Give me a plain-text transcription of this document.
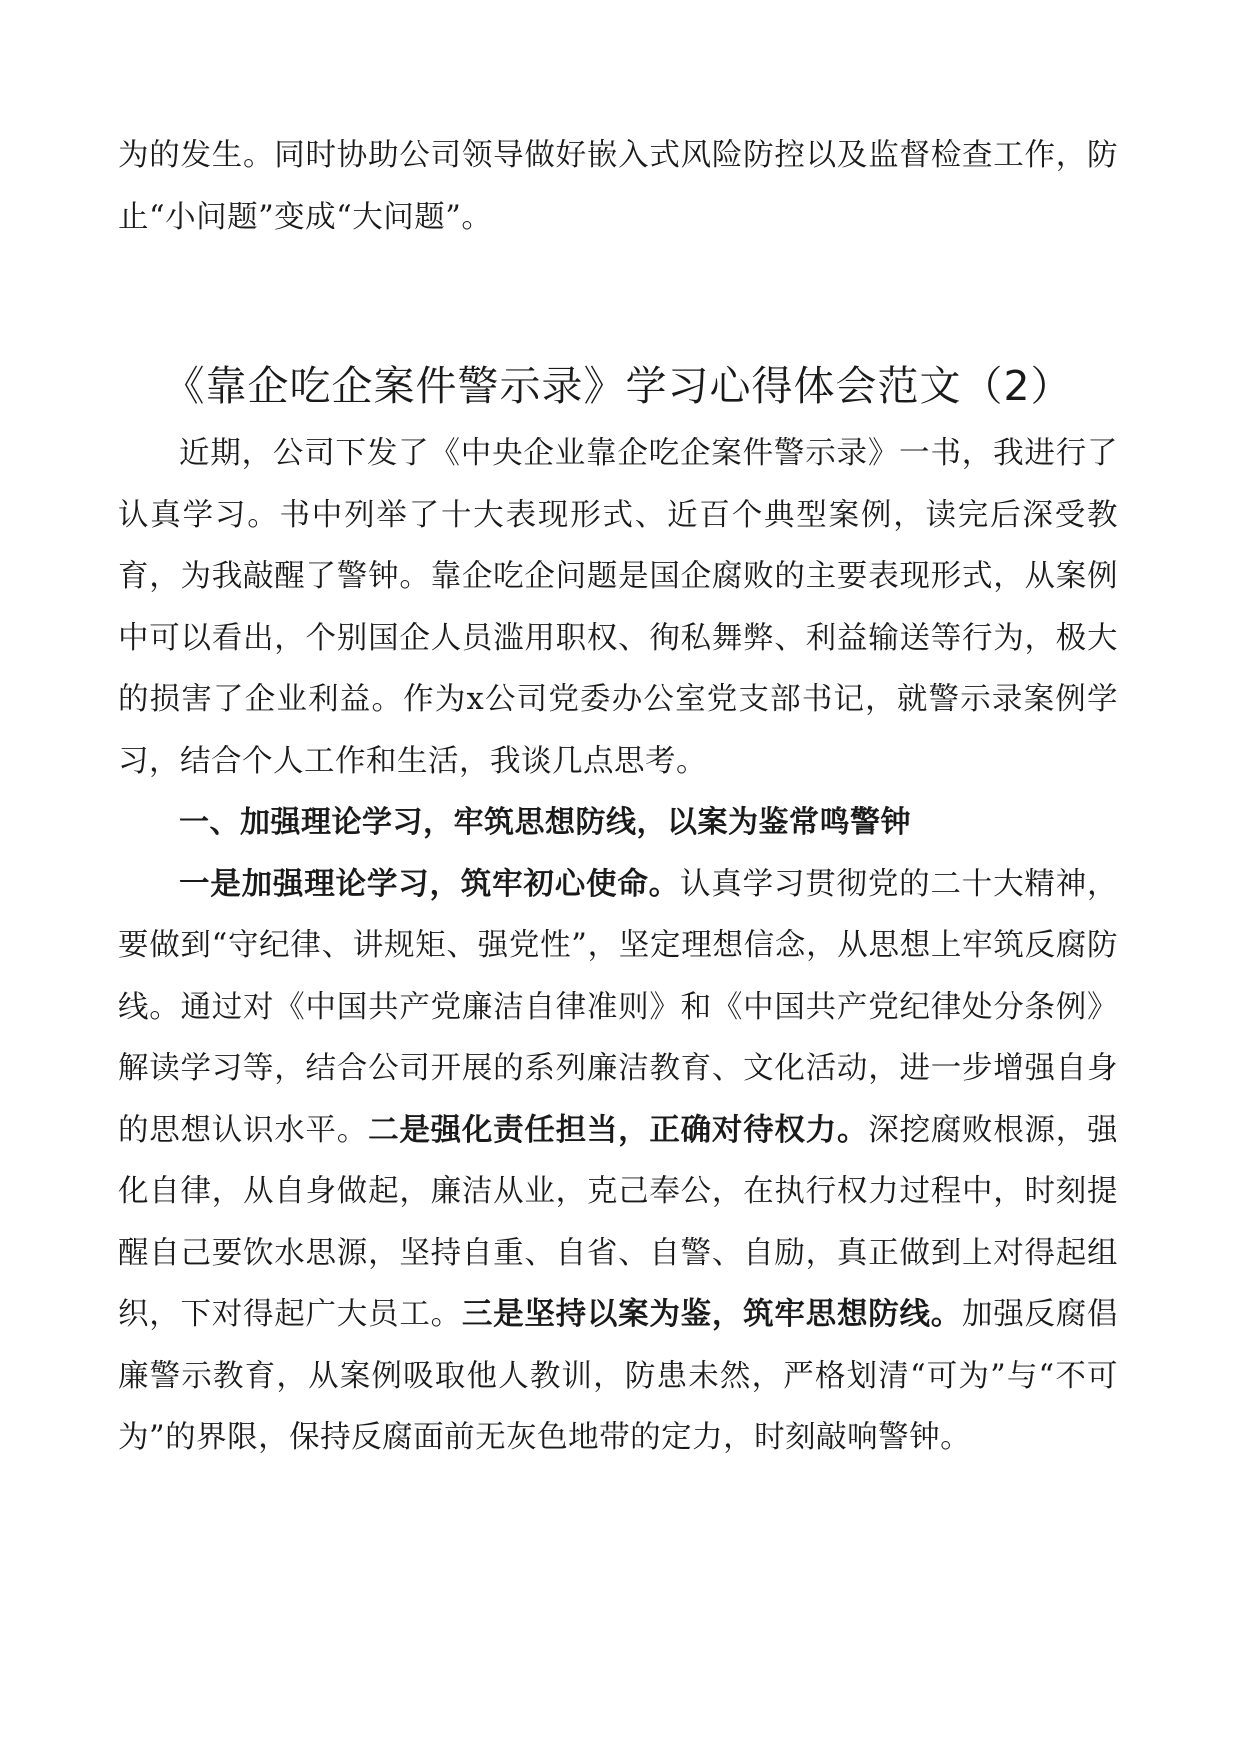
为的发生。同时协助公司领导做好嵌入式风险防控以及监督检查工作，防止“小问题”变成“大问题”。

《靠企吃企案件警示录》学习心得体会范文（2）

近期，公司下发了《中央企业靠企吃企案件警示录》一书，我进行了认真学习。书中列举了十大表现形式、近百个典型案例，读完后深受教育，为我敲醒了警钟。靠企吃企问题是国企腐败的主要表现形式，从案例中可以看出，个别国企人员滥用职权、徇私舞弊、利益输送等行为，极大的损害了企业利益。作为x公司党委办公室党支部书记，就警示录案例学习，结合个人工作和生活，我谈几点思考。

一、加强理论学习，牢筑思想防线，以案为鉴常鸣警钟

一是加强理论学习，筑牢初心使命。认真学习贯彻党的二十大精神，要做到“守纪律、讲规矩、强党性”，坚定理想信念，从思想上牢筑反腐防线。通过对《中国共产党廉洁自律准则》和《中国共产党纪律处分条例》解读学习等，结合公司开展的系列廉洁教育、文化活动，进一步增强自身的思想认识水平。二是强化责任担当，正确对待权力。深挖腐败根源，强化自律，从自身做起，廉洁从业，克己奉公，在执行权力过程中，时刻提醒自己要饮水思源，坚持自重、自省、自警、自励，真正做到上对得起组织，下对得起广大员工。三是坚持以案为鉴，筑牢思想防线。加强反腐倡廉警示教育，从案例吸取他人教训，防患未然，严格划清“可为”与“不可为”的界限，保持反腐面前无灰色地带的定力，时刻敲响警钟。
